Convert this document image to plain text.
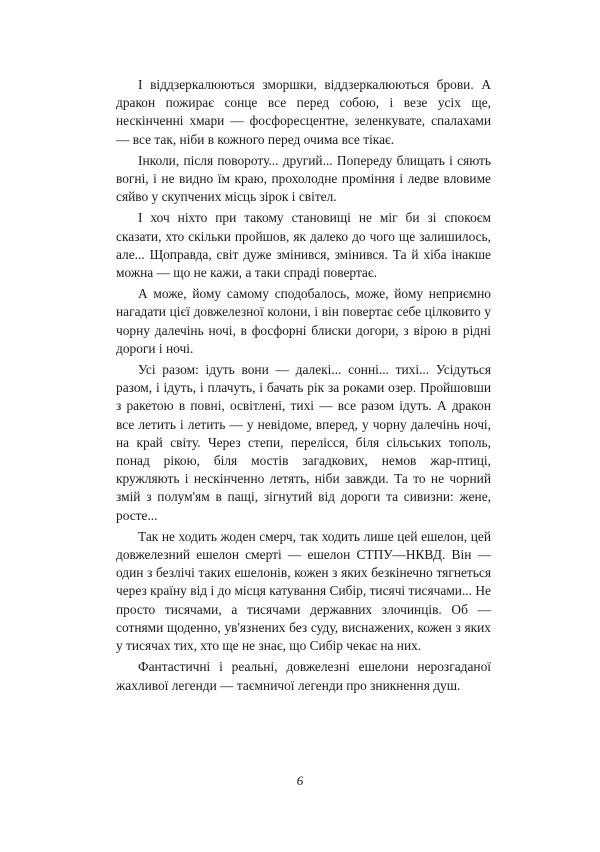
І віддзеркалюються зморшки, віддзеркалюються брови. А дракон пожирає сонце все перед собою, і везе усіх ще, нескінченні хмари — фосфоресцентне, зеленкувате, спалахами — все так, ніби в кожного перед очима все тікає.

Інколи, після повороту... другий... Попереду блищать і сяють вогні, і не видно їм краю, прохолодне проміння і ледве вловиме сяйво у скупчених місць зірок і світел.

І хоч ніхто при такому становищі не міг би зі спокоєм сказати, хто скільки пройшов, як далеко до чого ще залишилось, але... Щоправда, світ дуже змінився, змінився. Та й хіба інакше можна — що не кажи, а таки спраді повертає.

А може, йому самому сподобалось, може, йому неприємно нагадати цієї довжелезної колони, і він повертає себе цілковито у чорну далечінь ночі, в фосфорні блиски догори, з вірою в рідні дороги і ночі.

Усі разом: ідуть вони — далекі... сонні... тихі... Усідуться разом, і ідуть, і плачуть, і бачать рік за роками озер. Пройшовши з ракетою в повні, освітлені, тихі — все разом ідуть. А дракон все летить і летить — у невідоме, вперед, у чорну далечінь ночі, на край світу. Через степи, перелісся, біля сільських тополь, понад рікою, біля мостів загадкових, немов жар-птиці, кружляють і нескінченно летять, ніби завжди. Та то не чорний змій з полум'ям в пащі, зігнутий від дороги та сивизни: жене, росте...

Так не ходить жоден смерч, так ходить лише цей ешелон, цей довжелезний ешелон смерті — ешелон СТПУ—НКВД. Він — один з безлічі таких ешелонів, кожен з яких безкінечно тягнеться через країну від і до місця катування Сибір, тисячі тисячами... Не просто тисячами, а тисячами державних злочинців. Об — сотнями щоденно, ув'язнених без суду, виснажених, кожен з яких у тисячах тих, хто ще не знає, що Сибір чекає на них.

Фантастичні і реальні, довжелезні ешелони нерозгаданої жахливої легенди — таємничої легенди про зникнення душ.

6
